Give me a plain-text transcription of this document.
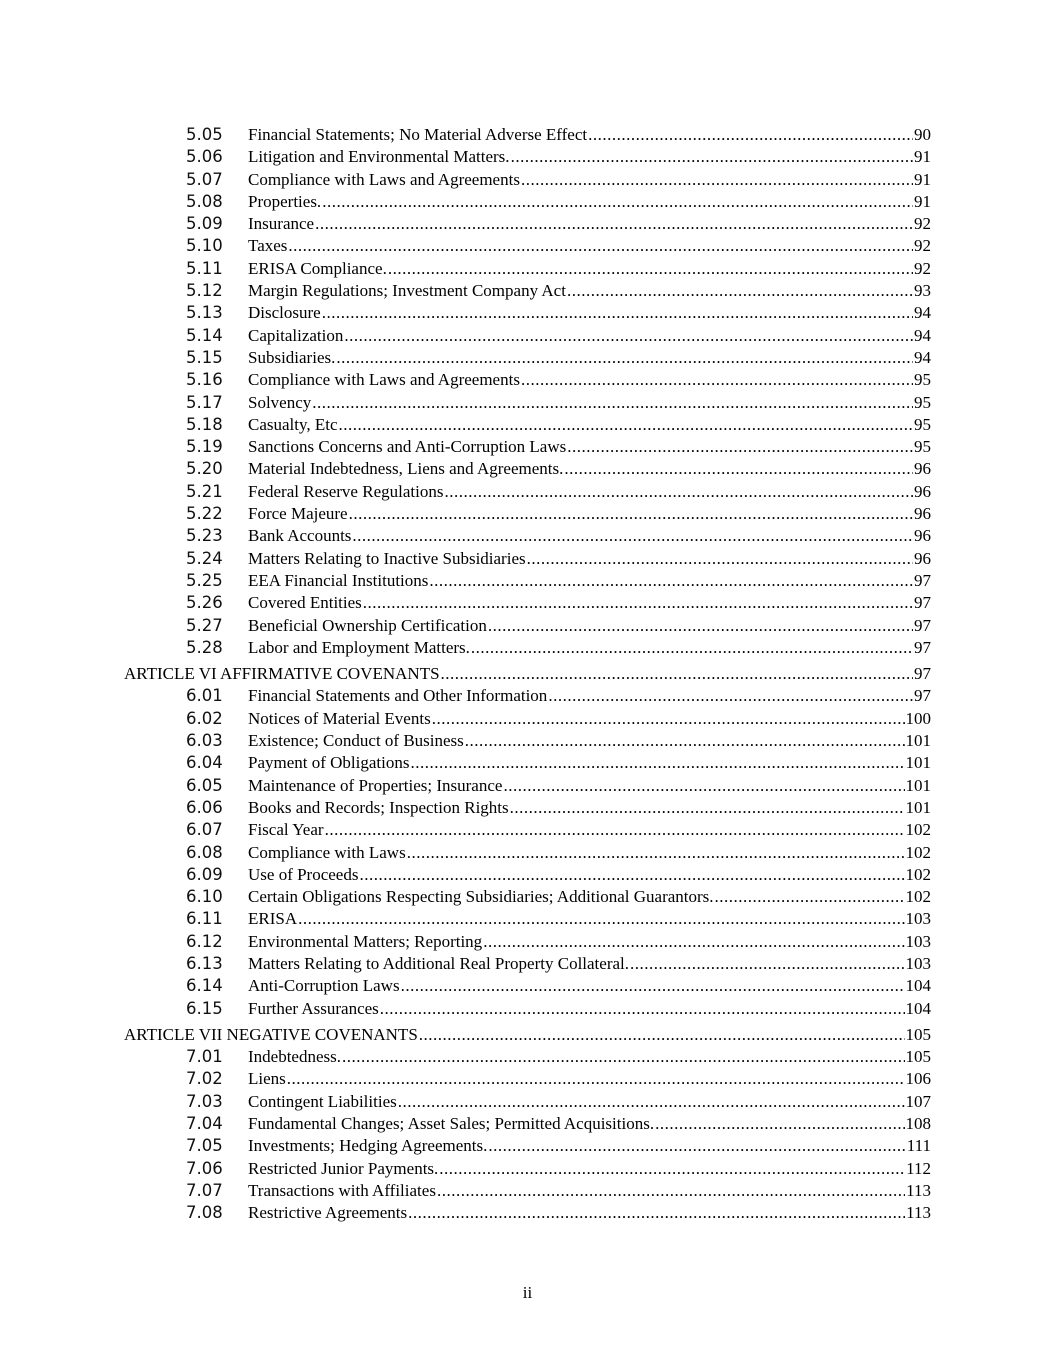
5.05	Financial Statements; No Material Adverse Effect .....	90
5.06	Litigation and Environmental Matters. .....	91
5.07	Compliance with Laws and Agreements .....	91
5.08	Properties. .....	91
5.09	Insurance .....	92
5.10	Taxes .....	92
5.11	ERISA Compliance. .....	92
5.12	Margin Regulations; Investment Company Act .....	93
5.13	Disclosure .....	94
5.14	Capitalization .....	94
5.15	Subsidiaries. .....	94
5.16	Compliance with Laws and Agreements .....	95
5.17	Solvency .....	95
5.18	Casualty, Etc .....	95
5.19	Sanctions Concerns and Anti-Corruption Laws .....	95
5.20	Material Indebtedness, Liens and Agreements. .....	96
5.21	Federal Reserve Regulations .....	96
5.22	Force Majeure .....	96
5.23	Bank Accounts .....	96
5.24	Matters Relating to Inactive Subsidiaries .....	96
5.25	EEA Financial Institutions .....	97
5.26	Covered Entities .....	97
5.27	Beneficial Ownership Certification .....	97
5.28	Labor and Employment Matters. .....	97
ARTICLE VI AFFIRMATIVE COVENANTS .....	97
6.01	Financial Statements and Other Information .....	97
6.02	Notices of Material Events .....	100
6.03	Existence; Conduct of Business .....	101
6.04	Payment of Obligations .....	101
6.05	Maintenance of Properties; Insurance .....	101
6.06	Books and Records; Inspection Rights .....	101
6.07	Fiscal Year .....	102
6.08	Compliance with Laws .....	102
6.09	Use of Proceeds .....	102
6.10	Certain Obligations Respecting Subsidiaries; Additional Guarantors. .....	102
6.11	ERISA .....	103
6.12	Environmental Matters; Reporting .....	103
6.13	Matters Relating to Additional Real Property Collateral. .....	103
6.14	Anti-Corruption Laws .....	104
6.15	Further Assurances .....	104
ARTICLE VII NEGATIVE COVENANTS .....	105
7.01	Indebtedness. .....	105
7.02	Liens .....	106
7.03	Contingent Liabilities .....	107
7.04	Fundamental Changes; Asset Sales; Permitted Acquisitions. .....	108
7.05	Investments; Hedging Agreements. .....	111
7.06	Restricted Junior Payments. .....	112
7.07	Transactions with Affiliates .....	113
7.08	Restrictive Agreements .....	113
ii
